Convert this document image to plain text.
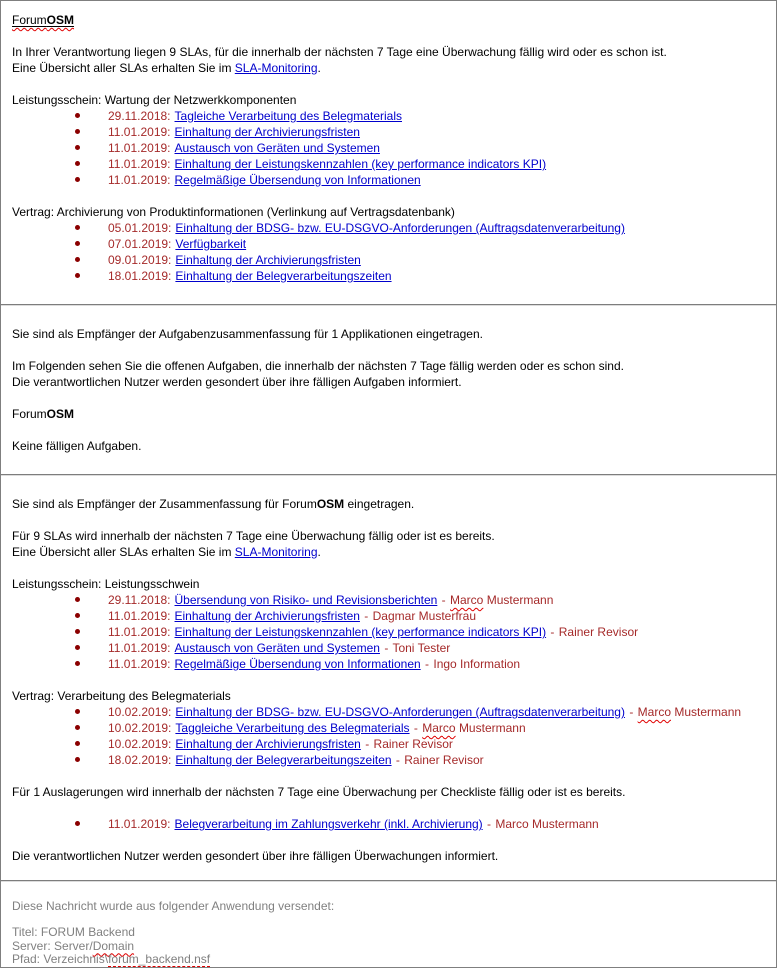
ForumOSM

In Ihrer Verantwortung liegen 9 SLAs, für die innerhalb der nächsten 7 Tage eine Überwachung fällig wird oder es schon ist.
Eine Übersicht aller SLAs erhalten Sie im SLA-Monitoring.

Leistungsschein: Wartung der Netzwerkkomponenten

29.11.2018: Tagleiche Verarbeitung des Belegmaterials
11.01.2019: Einhaltung der Archivierungsfristen
11.01.2019: Austausch von Geräten und Systemen
11.01.2019: Einhaltung der Leistungskennzahlen (key performance indicators KPI)
11.01.2019: Regelmäßige Übersendung von Informationen

Vertrag: Archivierung von Produktinformationen (Verlinkung auf Vertragsdatenbank)

05.01.2019: Einhaltung der BDSG- bzw. EU-DSGVO-Anforderungen (Auftragsdatenverarbeitung)
07.01.2019: Verfügbarkeit
09.01.2019: Einhaltung der Archivierungsfristen
18.01.2019: Einhaltung der Belegverarbeitungszeiten

Sie sind als Empfänger der Aufgabenzusammenfassung für 1 Applikationen eingetragen.

Im Folgenden sehen Sie die offenen Aufgaben, die innerhalb der nächsten 7 Tage fällig werden oder es schon sind.
Die verantwortlichen Nutzer werden gesondert über ihre fälligen Aufgaben informiert.

ForumOSM

Keine fälligen Aufgaben.

Sie sind als Empfänger der Zusammenfassung für ForumOSM eingetragen.

Für 9 SLAs wird innerhalb der nächsten 7 Tage eine Überwachung fällig oder ist es bereits.
Eine Übersicht aller SLAs erhalten Sie im SLA-Monitoring.

Leistungsschein: Leistungsschwein

29.11.2018: Übersendung von Risiko- und Revisionsberichten - Marco Mustermann
11.01.2019: Einhaltung der Archivierungsfristen - Dagmar Musterfrau
11.01.2019: Einhaltung der Leistungskennzahlen (key performance indicators KPI) - Rainer Revisor
11.01.2019: Austausch von Geräten und Systemen - Toni Tester
11.01.2019: Regelmäßige Übersendung von Informationen - Ingo Information

Vertrag: Verarbeitung des Belegmaterials

10.02.2019: Einhaltung der BDSG- bzw. EU-DSGVO-Anforderungen (Auftragsdatenverarbeitung) - Marco Mustermann
10.02.2019: Taggleiche Verarbeitung des Belegmaterials - Marco Mustermann
10.02.2019: Einhaltung der Archivierungsfristen - Rainer Revisor
18.02.2019: Einhaltung der Belegverarbeitungszeiten - Rainer Revisor

Für 1 Auslagerungen wird innerhalb der nächsten 7 Tage eine Überwachung per Checkliste fällig oder ist es bereits.

11.01.2019: Belegverarbeitung im Zahlungsverkehr (inkl. Archivierung) - Marco Mustermann

Die verantwortlichen Nutzer werden gesondert über ihre fälligen Überwachungen informiert.

Diese Nachricht wurde aus folgender Anwendung versendet:

Titel: FORUM Backend
Server: Server/Domain
Pfad: Verzeichnis\forum_backend.nsf
